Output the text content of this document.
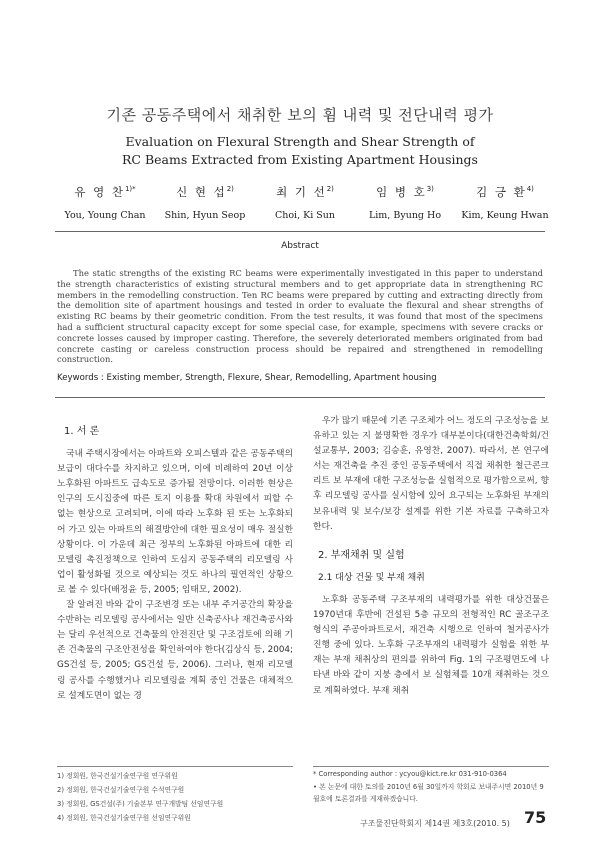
기존 공동주택에서 채취한 보의 휨 내력 및 전단내력 평가
Evaluation on Flexural Strength and Shear Strength of
RC Beams Extracted from Existing Apartment Housings
유 영 찬$^{1)*}$
You, Young Chan
신 현 섭$^{2)}$
Shin, Hyun Seop
최 기 선$^{2)}$
Choi, Ki Sun
임 병 호$^{3)}$
Lim, Byung Ho
김 긍 환$^{4)}$
Kim, Keung Hwan
Abstract
The static strengths of the existing RC beams were experimentally investigated in this paper to understand the strength characteristics of existing structural members and to get appropriate data in strengthening RC members in the remodelling construction. Ten RC beams were prepared by cutting and extracting directly from the demolition site of apartment housings and tested in order to evaluate the flexural and shear strengths of existing RC beams by their geometric condition. From the test results, it was found that most of the specimens had a sufficient structural capacity except for some special case, for example, specimens with severe cracks or concrete losses caused by improper casting. Therefore, the severely deteriorated members originated from bad concrete casting or careless construction process should be repaired and strengthened in remodelling construction.
Keywords : Existing member, Strength, Flexure, Shear, Remodelling, Apartment housing

1. 서 론

국내 주택시장에서는 아파트와 오피스텔과 같은 공동주택의 보급이 대다수를 차지하고 있으며, 이에 비례하여 20년 이상 노후화된 아파트도 급속도로 증가될 전망이다. 이러한 현상은 인구의 도시집중에 따른 토지 이용률 확대 차원에서 피할 수 없는 현상으로 고려되며, 이에 따라 노후화 된 또는 노후화되어 가고 있는 아파트의 해결방안에 대한 필요성이 매우 절실한 상황이다. 이 가운데 최근 정부의 노후화된 아파트에 대한 리모델링 촉진정책으로 인하여 도심지 공동주택의 리모델링 사업이 활성화될 것으로 예상되는 것도 하나의 필연적인 상황으로 볼 수 있다(배정윤 등, 2005; 임태모, 2002).

잘 알려진 바와 같이 구조변경 또는 내부 주거공간의 확장을 수반하는 리모델링 공사에서는 일반 신축공사나 재건축공사와는 달리 우선적으로 건축물의 안전진단 및 구조검토에 의해 기존 건축물의 구조안전성을 확인하여야 한다(김상식 등, 2004; GS건설 등, 2005; GS건설 등, 2006). 그러나, 현재 리모델링 공사를 수행했거나 리모델링을 계획 중인 건물은 대체적으로 설계도면이 없는 경

1) 정회원, 한국건설기술연구원 연구위원
2) 정회원, 한국건설기술연구원 수석연구원
3) 정회원, GS건설(주) 기술본부 연구개발팀 선임연구원
4) 정회원, 한국건설기술연구원 선임연구위원

우가 많기 때문에 기존 구조체가 어느 정도의 구조성능을 보유하고 있는 지 불명확한 경우가 대부분이다(대한건축학회/건설교통부, 2003; 김승훈, 유영찬, 2007). 따라서, 본 연구에서는 재건축을 추진 중인 공동주택에서 직접 채취한 철근콘크리트 보 부재에 대한 구조성능을 실험적으로 평가함으로써, 향후 리모델링 공사를 실시함에 있어 요구되는 노후화된 부재의 보유내력 및 보수/보강 설계를 위한 기본 자료를 구축하고자 한다.

2. 부재채취 및 실험

2.1 대상 건물 및 부재 채취

노후화 공동주택 구조부재의 내력평가를 위한 대상건물은 1970년대 후반에 건설된 5층 규모의 전형적인 RC 골조구조 형식의 주공아파트로서, 재건축 시행으로 인하여 철거공사가 진행 중에 있다. 노후화 구조부재의 내력평가 실험을 위한 부재는 부재 채취상의 편의를 위하여 Fig. 1의 구조평면도에 나타낸 바와 같이 지붕 층에서 보 실험체를 10개 채취하는 것으로 계획하였다. 부재 채취

* Corresponding author : ycyou@kict.re.kr 031-910-0364
• 본 논문에 대한 토의를 2010년 6월 30일까지 학회로 보내주시면 2010년 9월호에 토론결과를 게재하겠습니다.
구조물진단학회지 제14권 제3호(2010. 5) 75
